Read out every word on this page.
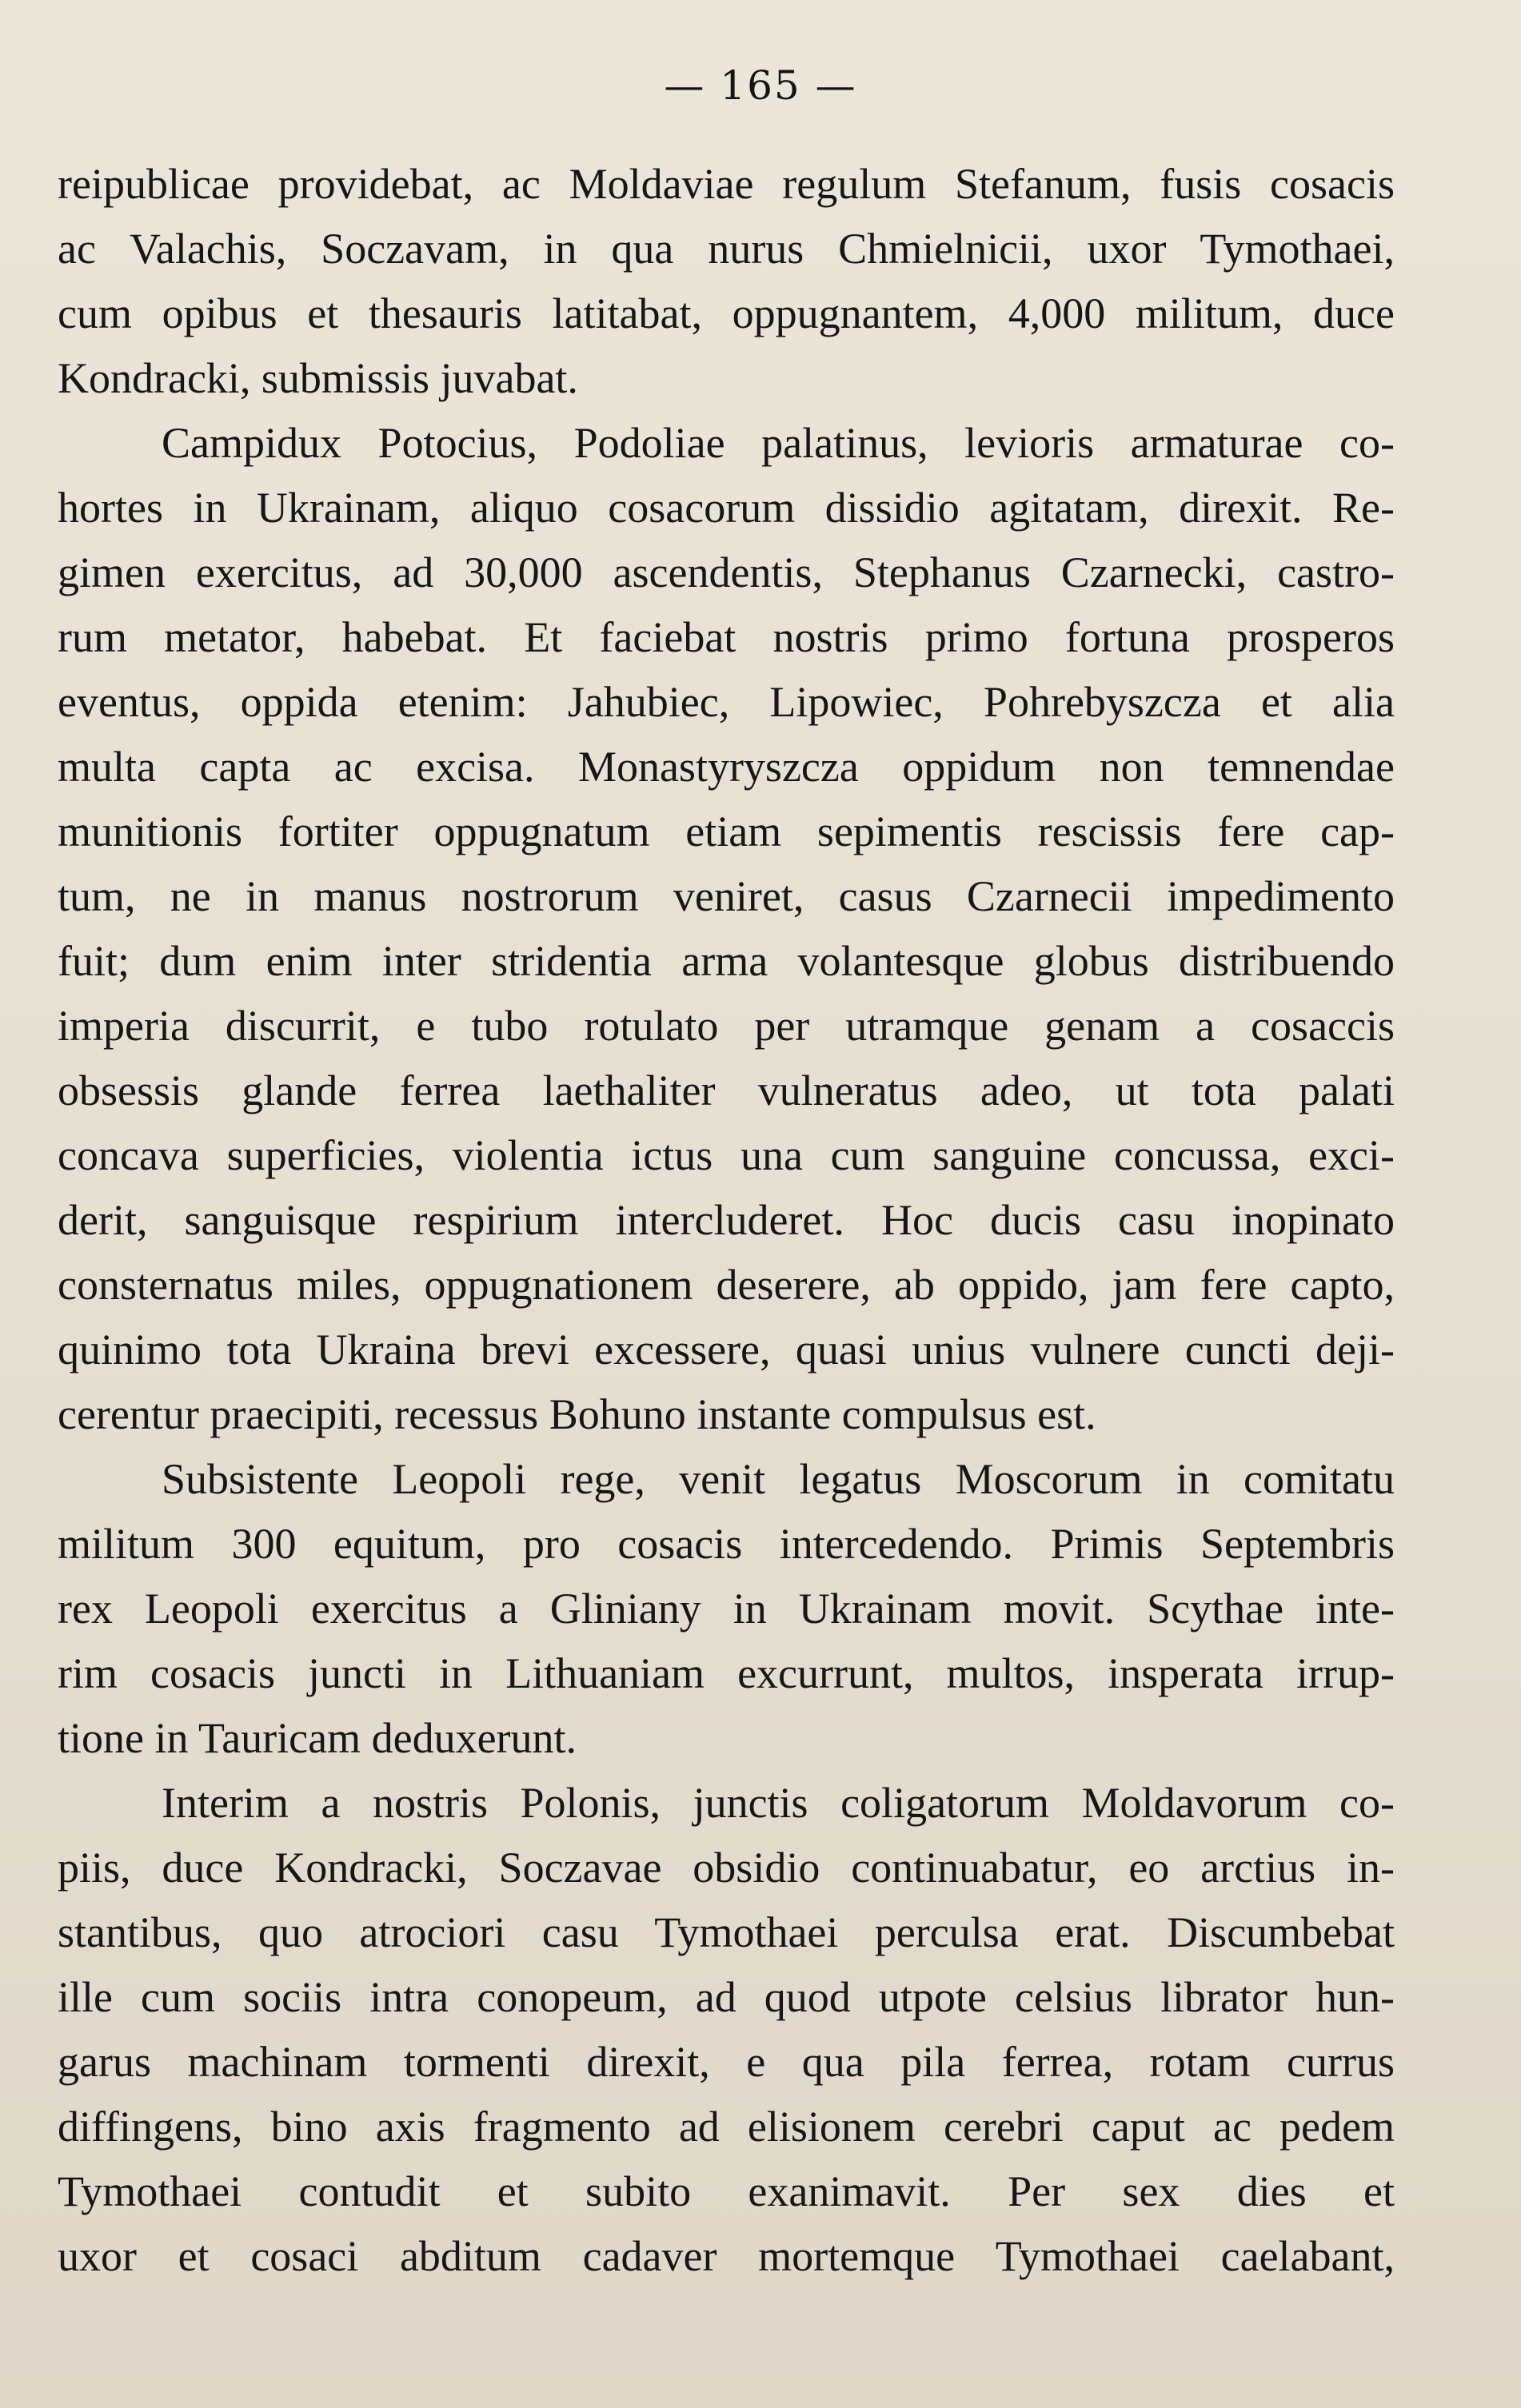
— 165 —
reipublicae providebat, ac Moldaviae regulum Stefanum, fusis cosacis
ac Valachis, Soczavam, in qua nurus Chmielnicii, uxor Tymothaei,
cum opibus et thesauris latitabat, oppugnantem, 4,000 militum, duce
Kondracki, submissis juvabat.
Campidux Potocius, Podoliae palatinus, levioris armaturae co-
hortes in Ukrainam, aliquo cosacorum dissidio agitatam, direxit. Re-
gimen exercitus, ad 30,000 ascendentis, Stephanus Czarnecki, castro-
rum metator, habebat. Et faciebat nostris primo fortuna prosperos
eventus, oppida etenim: Jahubiec, Lipowiec, Pohrebyszcza et alia
multa capta ac excisa. Monastyryszcza oppidum non temnendae
munitionis fortiter oppugnatum etiam sepimentis rescissis fere cap-
tum, ne in manus nostrorum veniret, casus Czarnecii impedimento
fuit; dum enim inter stridentia arma volantesque globus distribuendo
imperia discurrit, e tubo rotulato per utramque genam a cosaccis
obsessis glande ferrea laethaliter vulneratus adeo, ut tota palati
concava superficies, violentia ictus una cum sanguine concussa, exci-
derit, sanguisque respirium intercluderet. Hoc ducis casu inopinato
consternatus miles, oppugnationem deserere, ab oppido, jam fere capto,
quinimo tota Ukraina brevi excessere, quasi unius vulnere cuncti deji-
cerentur praecipiti, recessus Bohuno instante compulsus est.
Subsistente Leopoli rege, venit legatus Moscorum in comitatu
militum 300 equitum, pro cosacis intercedendo. Primis Septembris
rex Leopoli exercitus a Gliniany in Ukrainam movit. Scythae inte-
rim cosacis juncti in Lithuaniam excurrunt, multos, insperata irrup-
tione in Tauricam deduxerunt.
Interim a nostris Polonis, junctis coligatorum Moldavorum co-
piis, duce Kondracki, Soczavae obsidio continuabatur, eo arctius in-
stantibus, quo atrociori casu Tymothaei perculsa erat. Discumbebat
ille cum sociis intra conopeum, ad quod utpote celsius librator hun-
garus machinam tormenti direxit, e qua pila ferrea, rotam currus
diffingens, bino axis fragmento ad elisionem cerebri caput ac pedem
Tymothaei contudit et subito exanimavit. Per sex dies et
uxor et cosaci abditum cadaver mortemque Tymothaei caelabant,
